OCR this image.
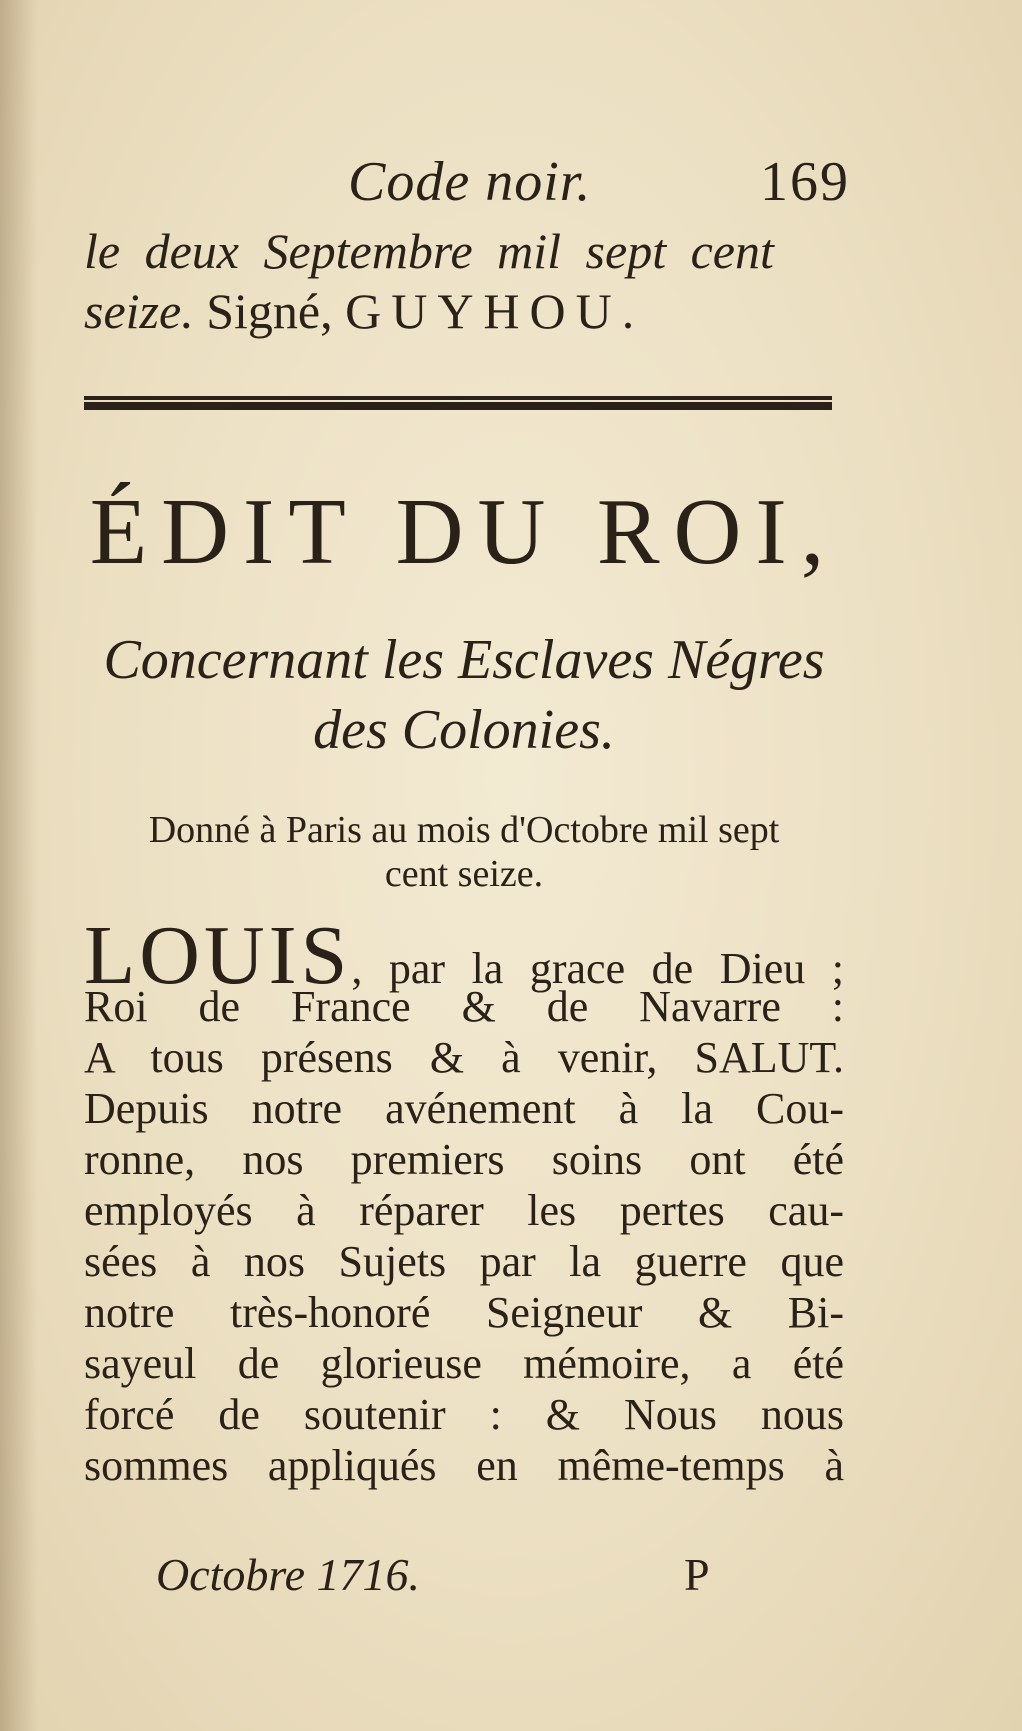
Code noir.	169
le deux Septembre mil sept cent
seize. Signé, GUYHOU.
ÉDIT DU ROI,
Concernant les Esclaves Négres
des Colonies.
Donné à Paris au mois d'Octobre mil sept
cent seize.
LOUIS, par la grace de Dieu ;
Roi de France & de Navarre :
A tous présens & à venir, SALUT.
Depuis notre avénement à la Cou-
ronne, nos premiers soins ont été
employés à réparer les pertes cau-
sées à nos Sujets par la guerre que
notre très-honoré Seigneur & Bi-
sayeul de glorieuse mémoire, a été
forcé de soutenir : & Nous nous
sommes appliqués en même-temps à
Octobre 1716.	P
